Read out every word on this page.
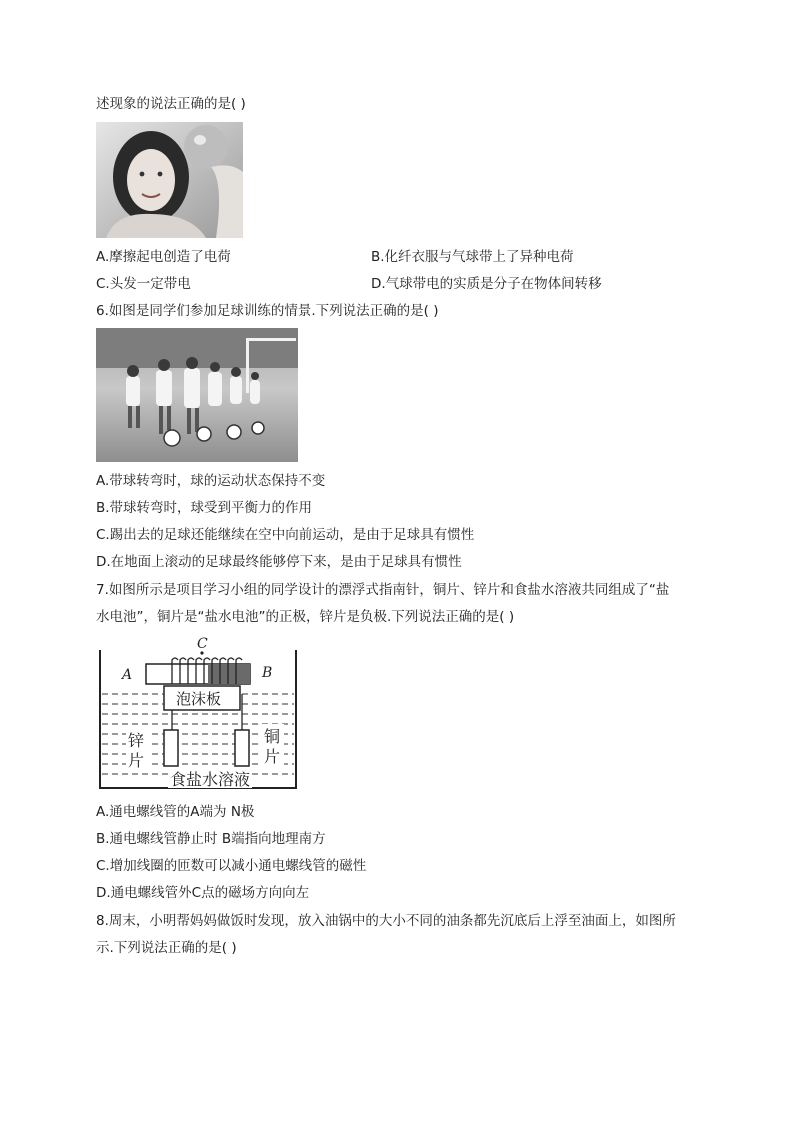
述现象的说法正确的是( )
A.摩擦起电创造了电荷	B.化纤衣服与气球带上了异种电荷
C.头发一定带电	D.气球带电的实质是分子在物体间转移
6.如图是同学们参加足球训练的情景.下列说法正确的是( )
A.带球转弯时，球的运动状态保持不变
B.带球转弯时，球受到平衡力的作用
C.踢出去的足球还能继续在空中向前运动，是由于足球具有惯性
D.在地面上滚动的足球最终能够停下来，是由于足球具有惯性
7.如图所示是项目学习小组的同学设计的漂浮式指南针，铜片、锌片和食盐水溶液共同组成了“盐
水电池”，铜片是“盐水电池”的正极，锌片是负极.下列说法正确的是( )
C
A	B
泡沫板
锌
片
铜
片
食盐水溶液
A.通电螺线管的A端为 N极
B.通电螺线管静止时 B端指向地理南方
C.增加线圈的匝数可以减小通电螺线管的磁性
D.通电螺线管外C点的磁场方向向左
8.周末，小明帮妈妈做饭时发现，放入油锅中的大小不同的油条都先沉底后上浮至油面上，如图所
示.下列说法正确的是( )
